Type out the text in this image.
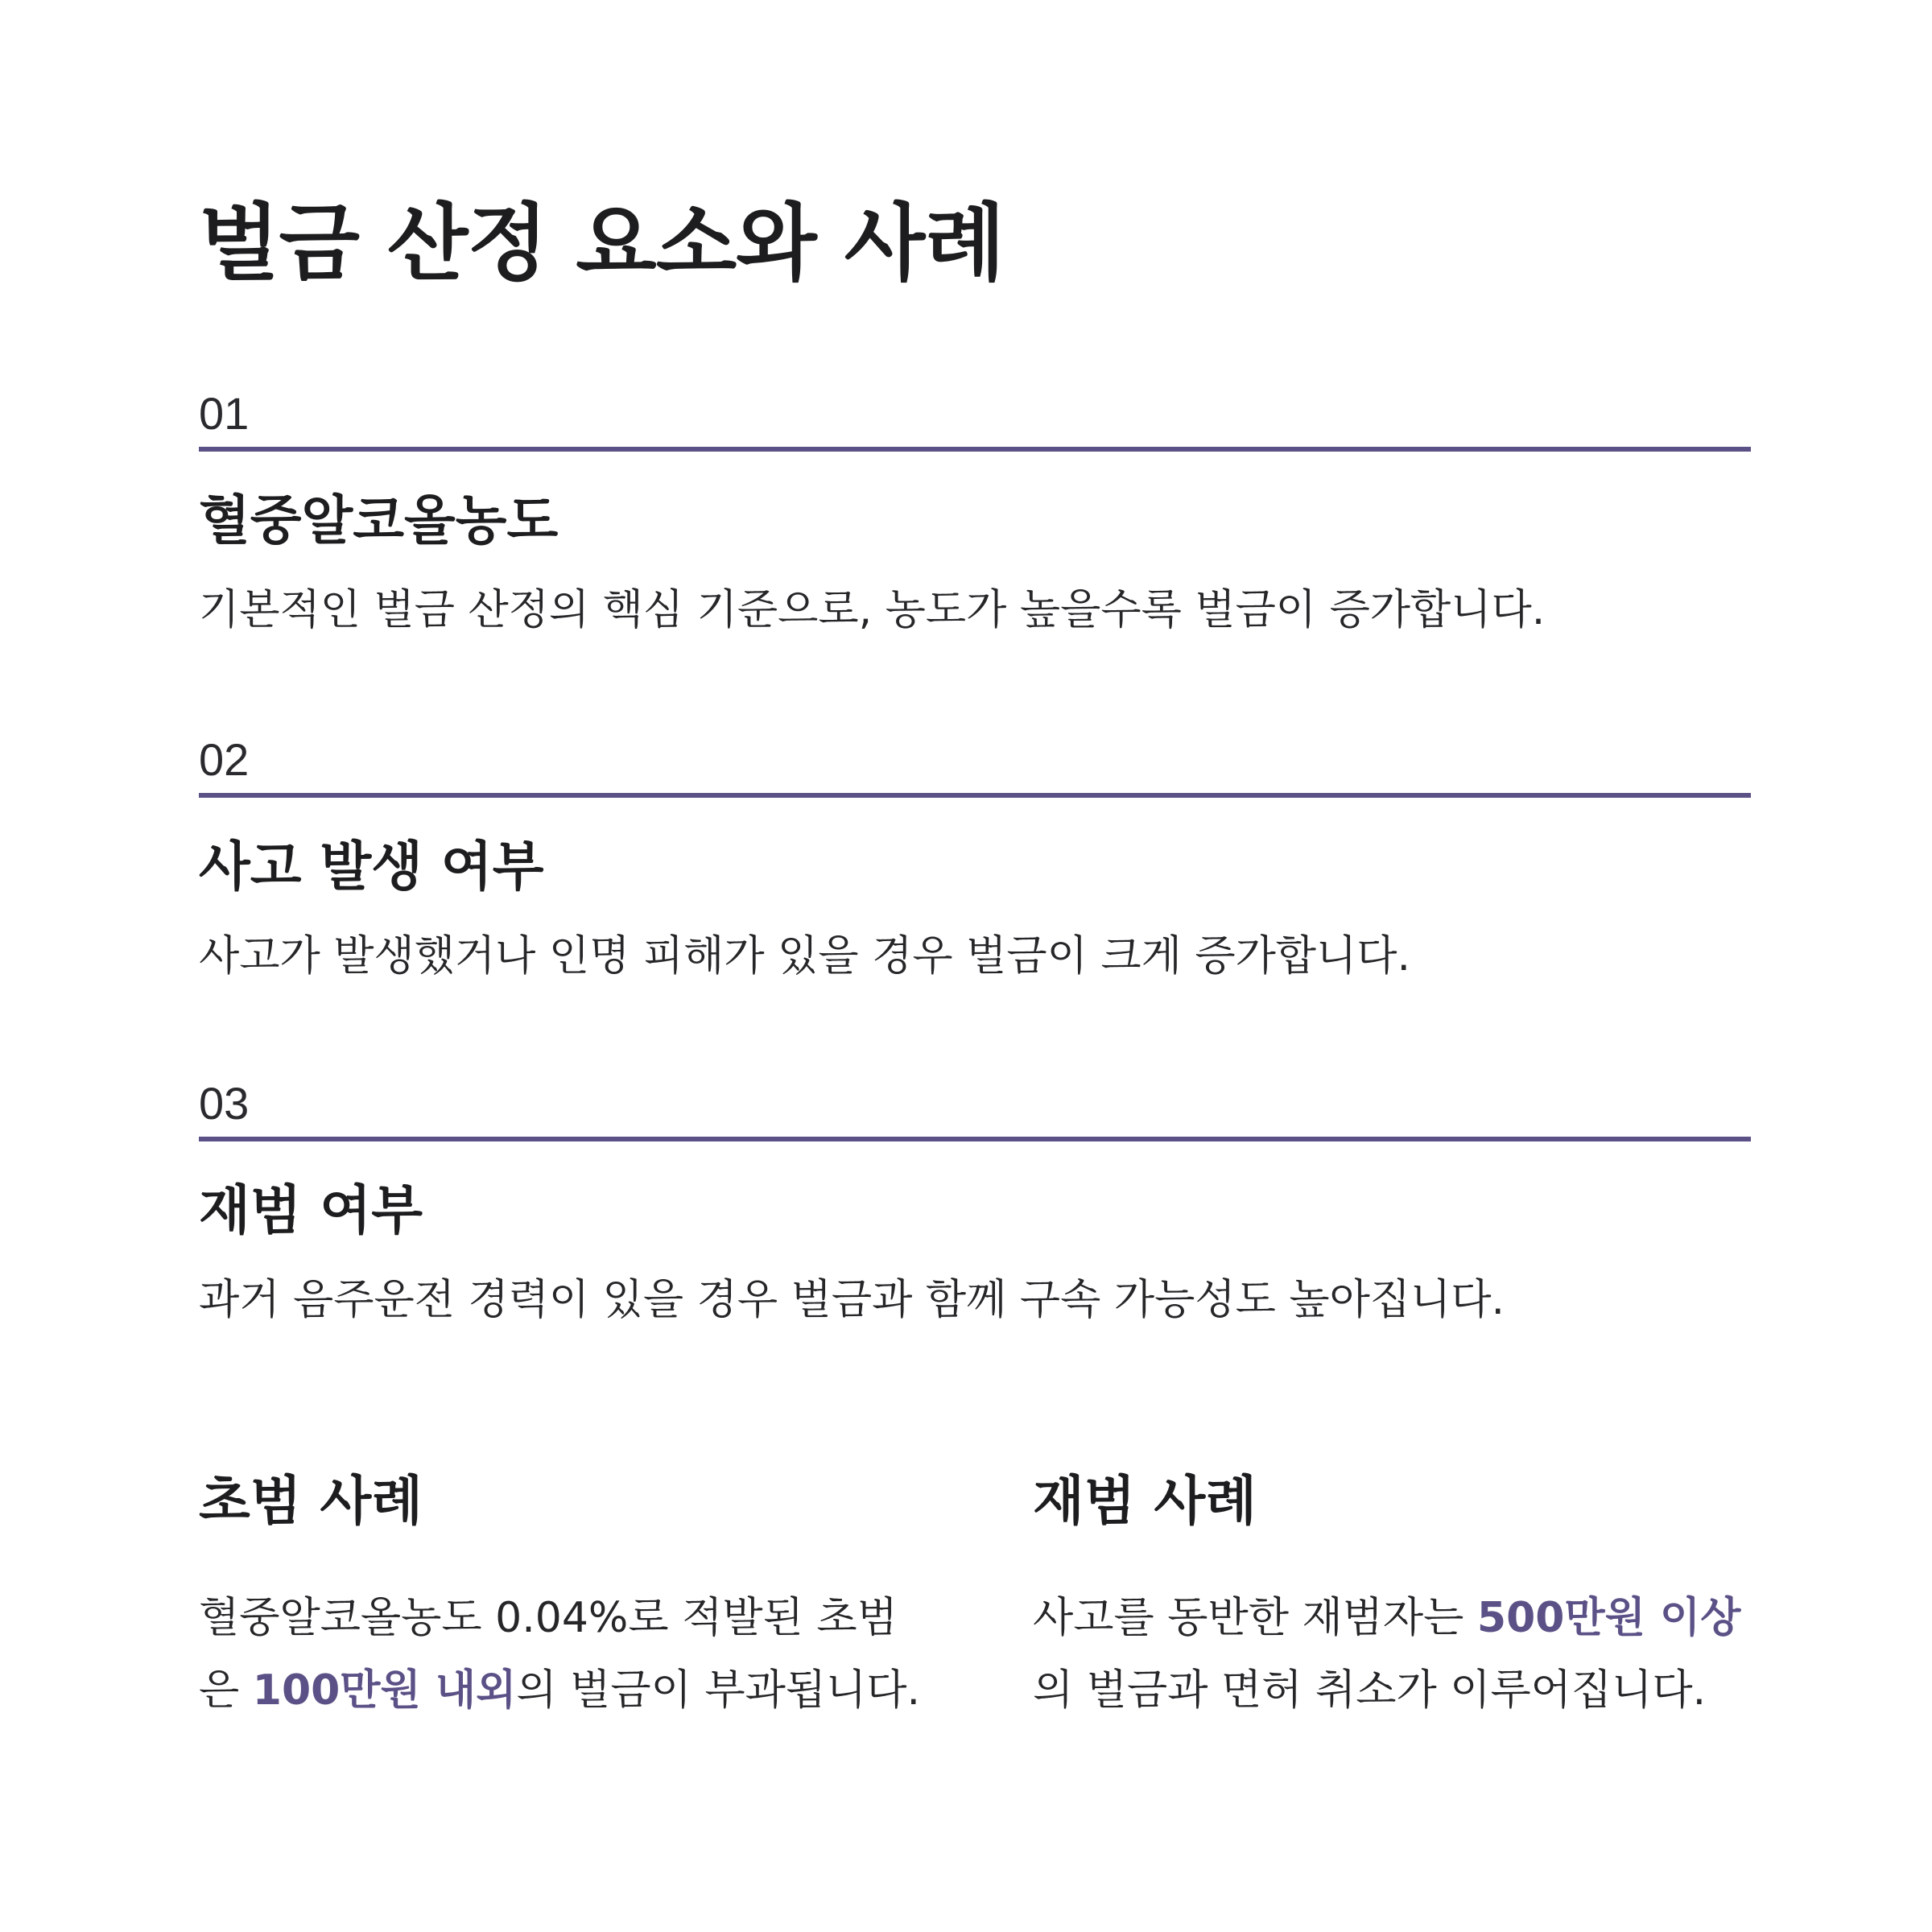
벌금 산정 요소와 사례
01
혈중알코올농도

기본적인 벌금 산정의 핵심 기준으로, 농도가 높을수록 벌금이 증가합니다.

02
사고 발생 여부

사고가 발생했거나 인명 피해가 있을 경우 벌금이 크게 증가합니다.

03
재범 여부

과거 음주운전 경력이 있을 경우 벌금과 함께 구속 가능성도 높아집니다.

초범 사례

혈중알코올농도 0.04%로 적발된 초범
은 100만원 내외의 벌금이 부과됩니다.

재범 사례

사고를 동반한 재범자는 500만원 이상
의 벌금과 면허 취소가 이루어집니다.
